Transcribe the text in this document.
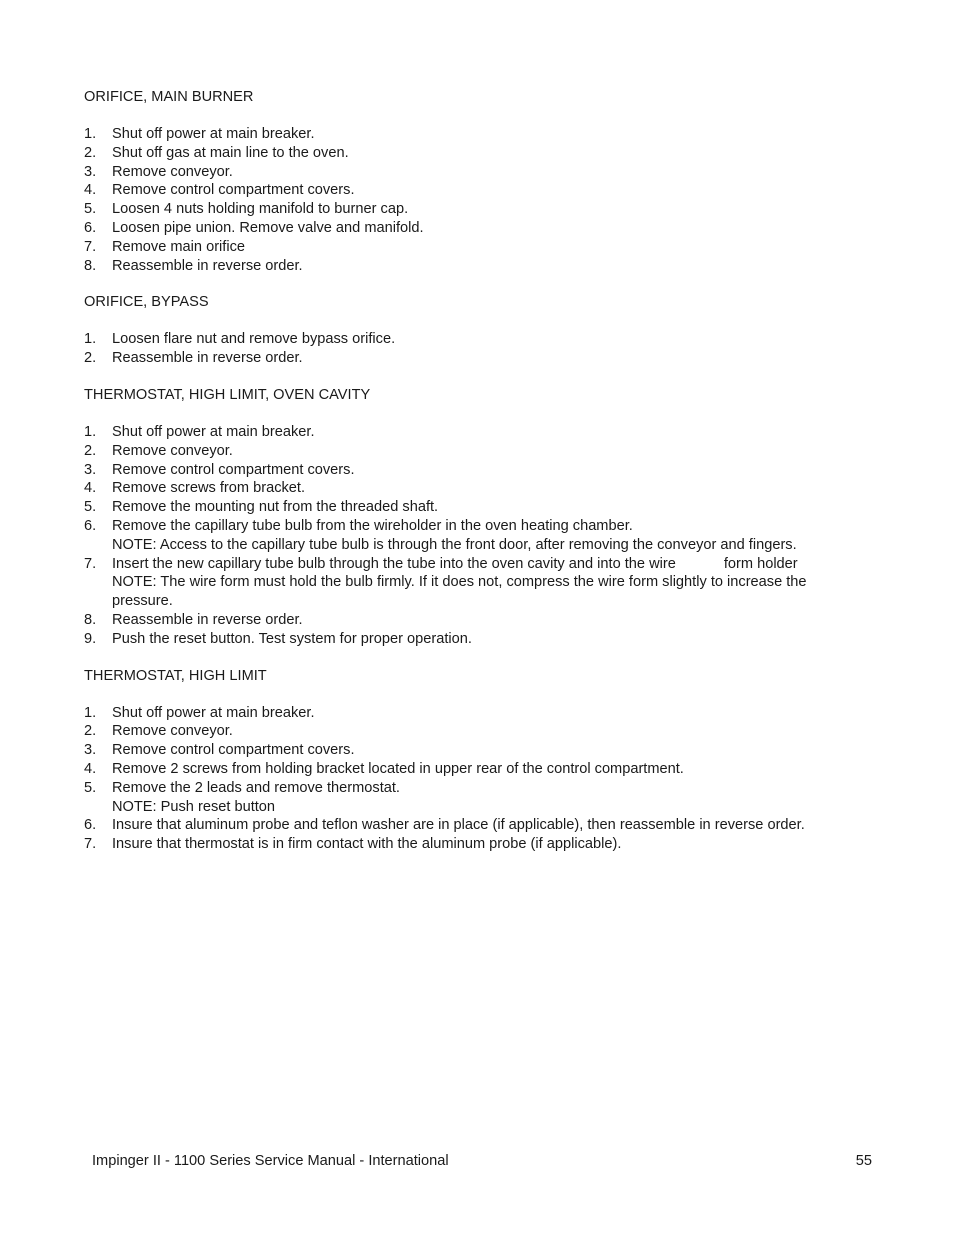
ORIFICE, MAIN BURNER
1.	Shut off power at main breaker.
2.	Shut off gas at main line to the oven.
3.	Remove conveyor.
4.	Remove control compartment covers.
5.	Loosen 4 nuts holding manifold to burner cap.
6.	Loosen pipe union. Remove valve and manifold.
7.	Remove main orifice
8.	Reassemble in reverse order.
ORIFICE, BYPASS
1.	Loosen flare nut and remove bypass orifice.
2.	Reassemble in reverse order.
THERMOSTAT, HIGH LIMIT, OVEN CAVITY
1.	Shut off power at main breaker.
2.	Remove conveyor.
3.	Remove control compartment covers.
4.	Remove screws from bracket.
5.	Remove the mounting nut from the threaded shaft.
6.	Remove the capillary tube bulb from the wireholder in the oven heating chamber.
NOTE: Access to the capillary tube bulb is through the front door, after removing the conveyor and fingers.
7.	Insert the new capillary tube bulb through the tube into the oven cavity and into the wire	form holder
NOTE: The wire form must hold the bulb firmly. If it does not, compress the wire form slightly to increase the pressure.
8.	Reassemble in reverse order.
9.	Push the reset button. Test system for proper operation.
THERMOSTAT, HIGH LIMIT
1.	Shut off power at main breaker.
2.	Remove conveyor.
3.	Remove control compartment covers.
4.	Remove 2 screws from holding bracket located in upper rear of the control compartment.
5.	Remove the 2 leads and remove thermostat.
NOTE: Push reset button
6.	Insure that aluminum probe and teflon washer are in place (if applicable), then reassemble in reverse order.
7.	Insure that thermostat is in firm contact with the aluminum probe (if applicable).
Impinger II - 1100 Series Service Manual - International	55
